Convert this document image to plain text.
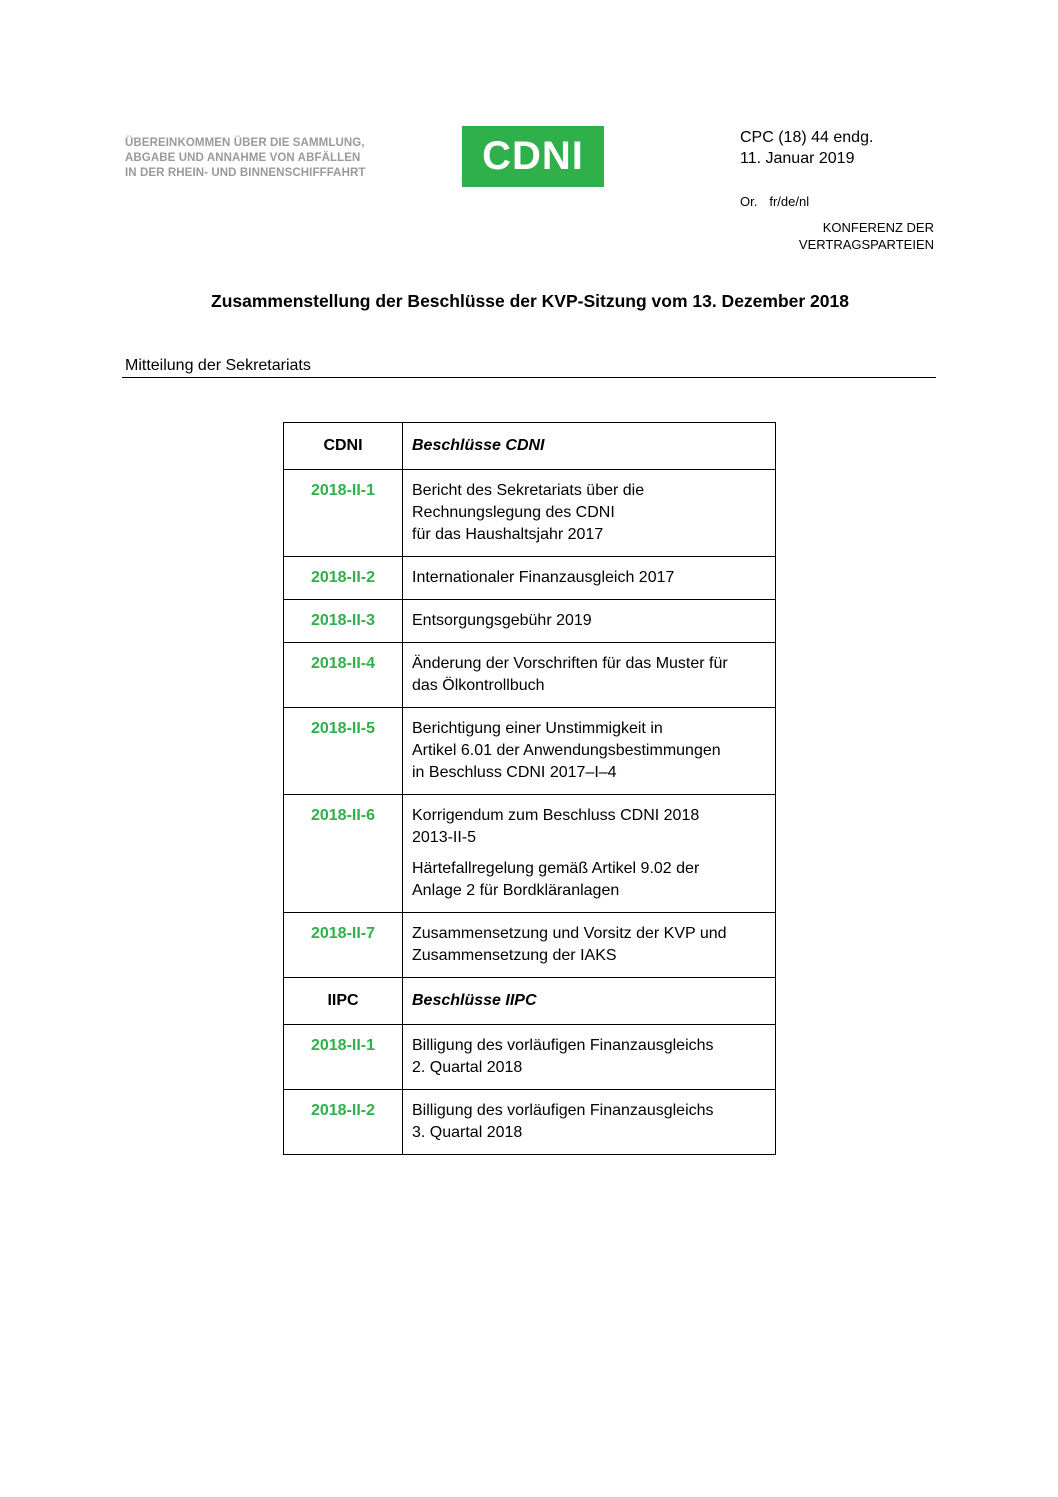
ÜBEREINKOMMEN ÜBER DIE SAMMLUNG,
ABGABE UND ANNAHME VON ABFÄLLEN
IN DER RHEIN- UND BINNENSCHIFFFAHRT	CDNI	CPC (18) 44 endg.
11. Januar 2019
Or. fr/de/nl
KONFERENZ DER
VERTRAGSPARTEIEN
Zusammenstellung der Beschlüsse der KVP-Sitzung vom 13. Dezember 2018
Mitteilung der Sekretariats
CDNI	Beschlüsse CDNI
2018-II-1	Bericht des Sekretariats über die
Rechnungslegung des CDNI
für das Haushaltsjahr 2017

2018-II-2	Internationaler Finanzausgleich 2017

2018-II-3	Entsorgungsgebühr 2019

2018-II-4	Änderung der Vorschriften für das Muster für
das Ölkontrollbuch

2018-II-5	Berichtigung einer Unstimmigkeit in
Artikel 6.01 der Anwendungsbestimmungen
in Beschluss CDNI 2017–I–4

2018-II-6	Korrigendum zum Beschluss CDNI 2018
2013-II-5
Härtefallregelung gemäß Artikel 9.02 der
Anlage 2 für Bordkläranlagen

2018-II-7	Zusammensetzung und Vorsitz der KVP und
Zusammensetzung der IAKS

IIPC	Beschlüsse IIPC
2018-II-1	Billigung des vorläufigen Finanzausgleichs
2. Quartal 2018

2018-II-2	Billigung des vorläufigen Finanzausgleichs
3. Quartal 2018
